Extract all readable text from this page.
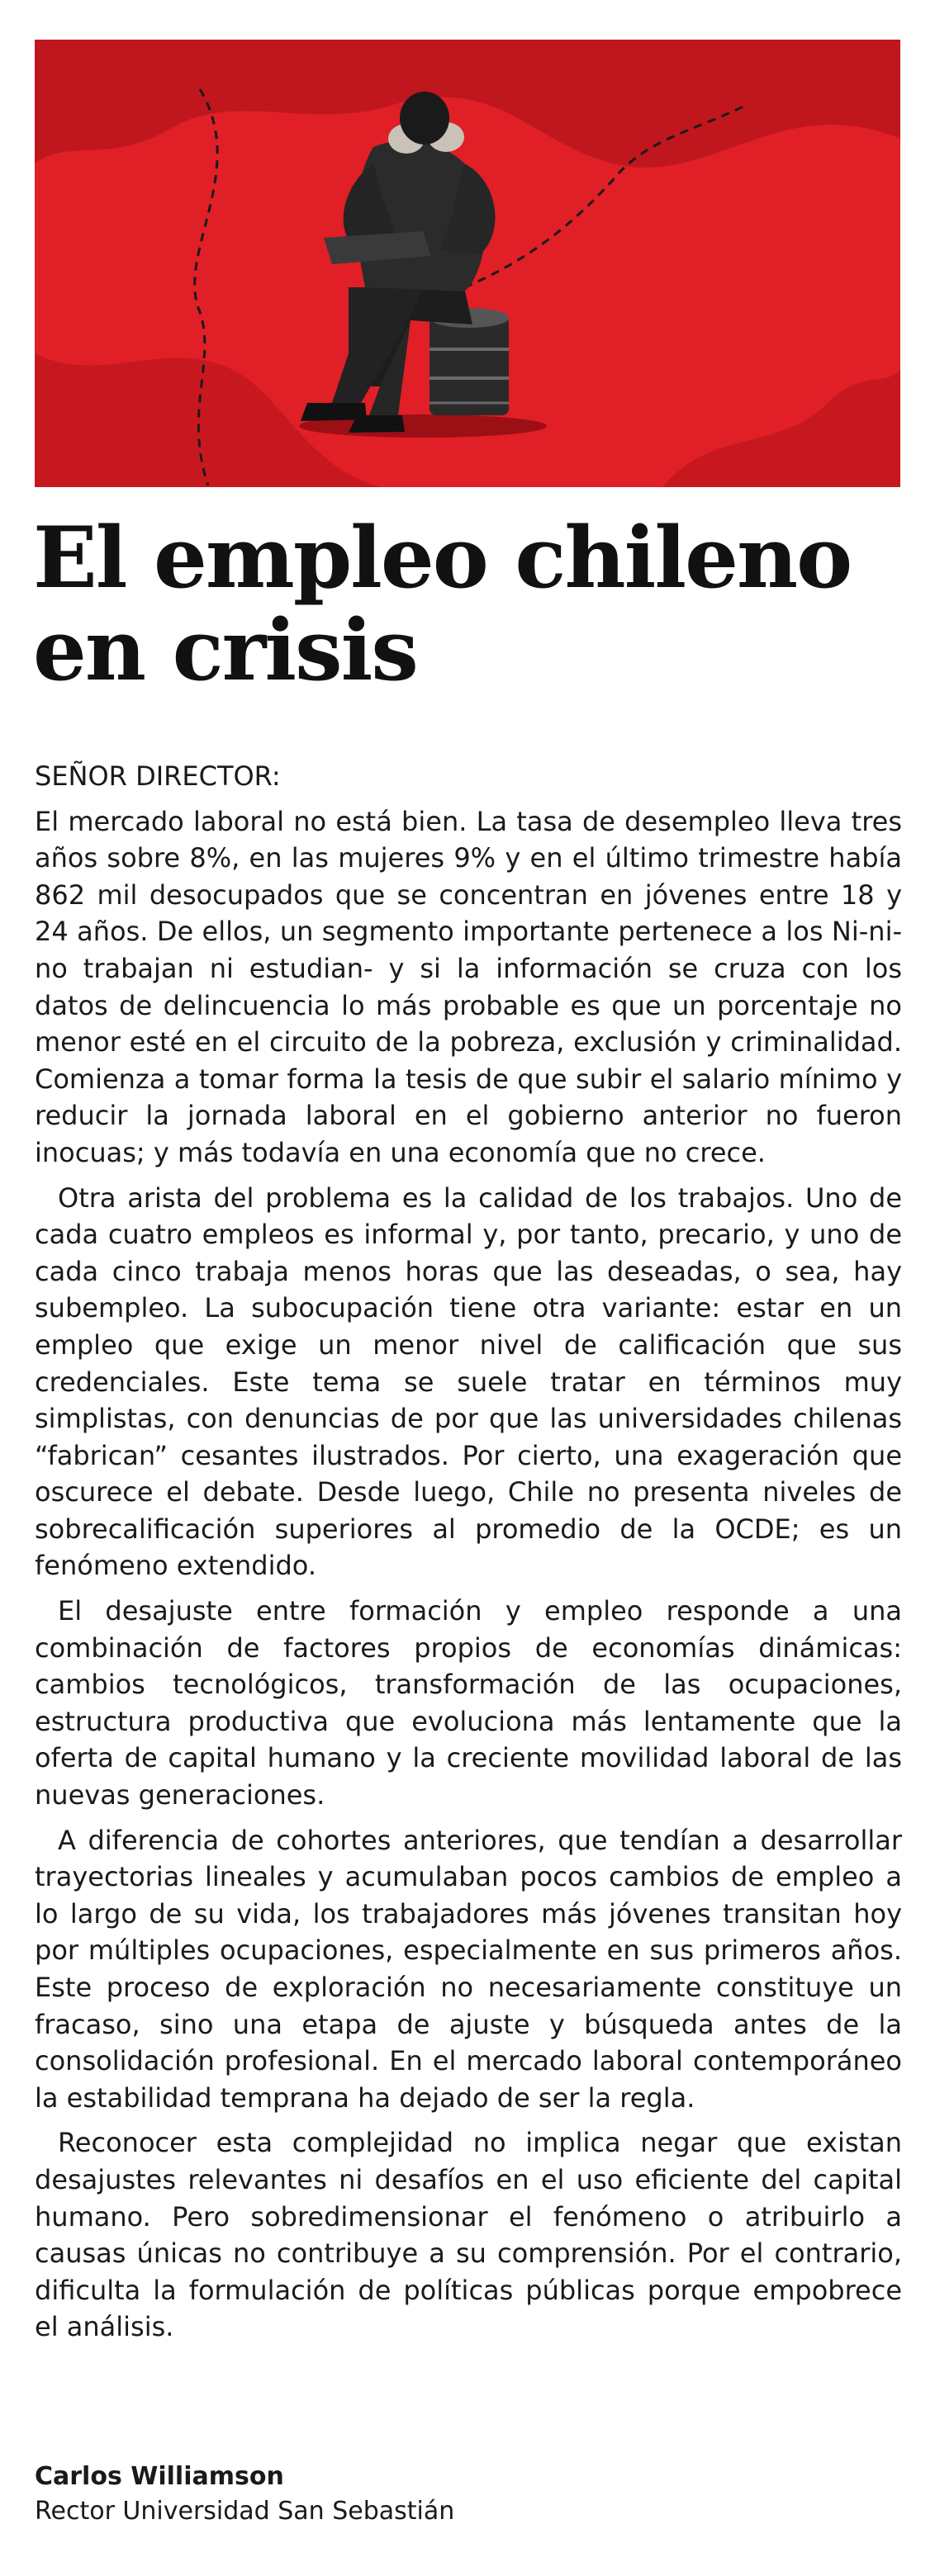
El empleo chileno
en crisis

SEÑOR DIRECTOR:

El mercado laboral no está bien. La tasa de desempleo lleva tres años sobre 8%, en las mujeres 9% y en el último trimestre había 862 mil desocupados que se concentran en jóvenes entre 18 y 24 años. De ellos, un segmento importante pertenece a los Ni-ni-no trabajan ni estudian- y si la información se cruza con los datos de delincuencia lo más probable es que un porcentaje no menor esté en el circuito de la pobreza, exclusión y criminalidad. Comienza a tomar forma la tesis de que subir el salario mínimo y reducir la jornada laboral en el gobierno anterior no fueron inocuas; y más todavía en una economía que no crece.

Otra arista del problema es la calidad de los trabajos. Uno de cada cuatro empleos es informal y, por tanto, precario, y uno de cada cinco trabaja menos horas que las deseadas, o sea, hay subempleo. La subocupación tiene otra variante: estar en un empleo que exige un menor nivel de calificación que sus credenciales. Este tema se suele tratar en términos muy simplistas, con denuncias de por que las universidades chilenas “fabrican” cesantes ilustrados. Por cierto, una exageración que oscurece el debate. Desde luego, Chile no presenta niveles de sobrecalificación superiores al promedio de la OCDE; es un fenómeno extendido.

El desajuste entre formación y empleo responde a una combinación de factores propios de economías dinámicas: cambios tecnológicos, transformación de las ocupaciones, estructura productiva que evoluciona más lentamente que la oferta de capital humano y la creciente movilidad laboral de las nuevas generaciones.

A diferencia de cohortes anteriores, que tendían a desarrollar trayectorias lineales y acumulaban pocos cambios de empleo a lo largo de su vida, los trabajadores más jóvenes transitan hoy por múltiples ocupaciones, especialmente en sus primeros años. Este proceso de exploración no necesariamente constituye un fracaso, sino una etapa de ajuste y búsqueda antes de la consolidación profesional. En el mercado laboral contemporáneo la estabilidad temprana ha dejado de ser la regla.

Reconocer esta complejidad no implica negar que existan desajustes relevantes ni desafíos en el uso eficiente del capital humano. Pero sobredimensionar el fenómeno o atribuirlo a causas únicas no contribuye a su comprensión. Por el contrario, dificulta la formulación de políticas públicas porque empobrece el análisis.

Carlos Williamson
Rector Universidad San Sebastián
